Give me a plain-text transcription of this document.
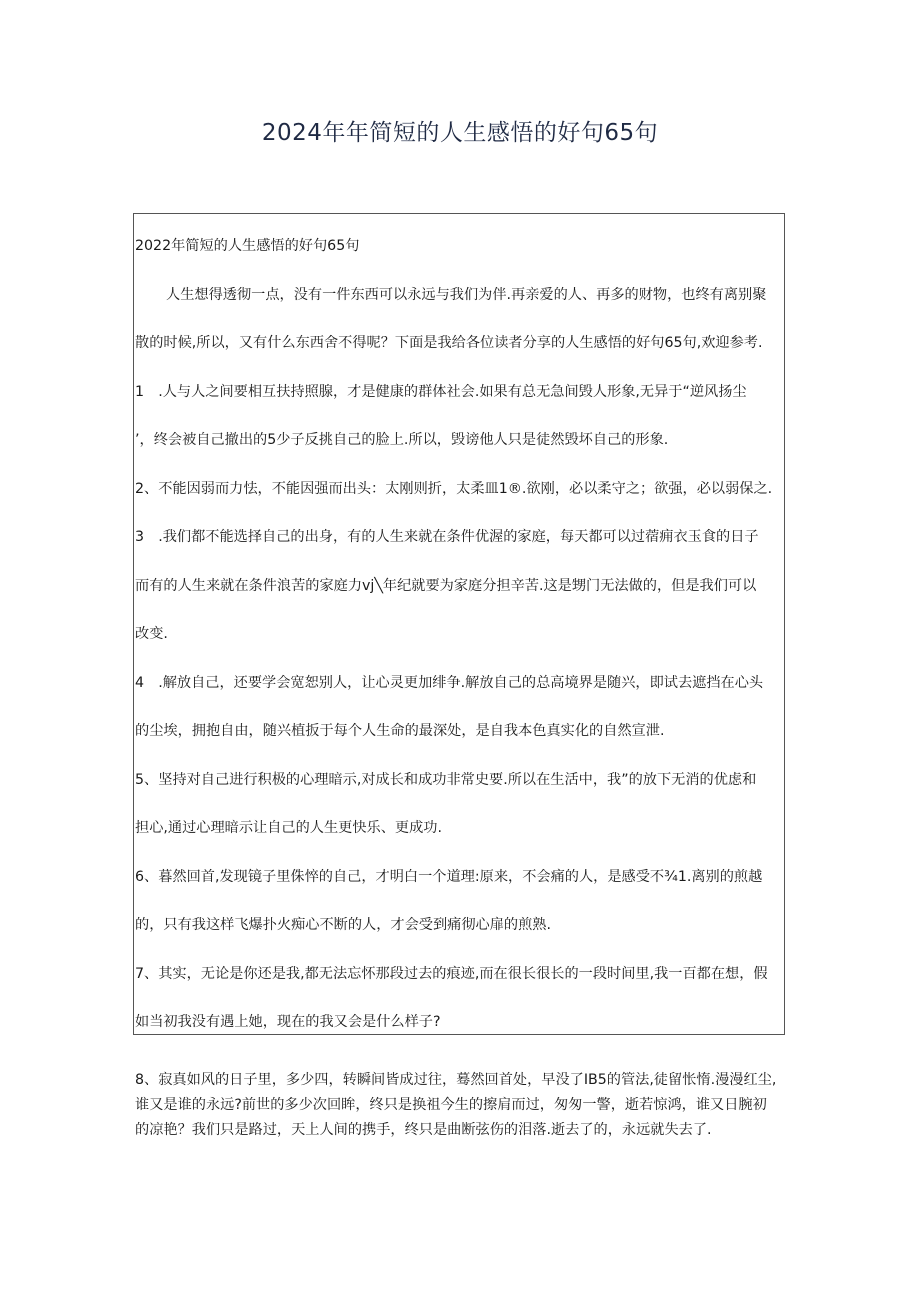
2024年年简短的人生感悟的好句65句
2022年简短的人生感悟的好句65句
人生想得透彻一点，没有一件东西可以永远与我们为伴.再亲爱的人、再多的财物，也终有离别聚
散的时候,所以，又有什么东西舍不得呢？下面是我给各位读者分享的人生感悟的好句65句,欢迎参考.
1　.人与人之间要相互扶持照腺，才是健康的群体社会.如果有总无急间毁人形象,无异于“逆风扬尘
’，终会被自己撤出的5少子反挑自己的脸上.所以，毁谤他人只是徒然毁坏自己的形象.
2、不能因弱而力怯，不能因强而出头：太刚则折，太柔皿1®.欲刚，必以柔守之；欲强，必以弱保之.
3　.我们都不能选择自己的出身，有的人生来就在条件优渥的家庭，每天都可以过蓿痈衣玉食的日子
而有的人生来就在条件浪苦的家庭力vj╲年纪就要为家庭分担辛苦.这是甥门无法做的，但是我们可以
改变.
4　.解放自己，还要学会宽恕别人，让心灵更加绯争.解放自己的总高境界是随兴，即试去遮挡在心头
的尘埃，拥抱自由，随兴植扳于每个人生命的最深处，是自我本色真实化的自然宣泄.
5、坚持对自己进行积极的心理暗示,对成长和成功非常史要.所以在生活中，我”的放下无消的优虑和
担心,通过心理暗示让自己的人生更快乐、更成功.
6、暮然回首,发现镜子里侏悴的自己，才明白一个道理:原来，不会痛的人，是感受不¾1.离别的煎越
的，只有我这样飞爆扑火痴心不断的人，才会受到痛彻心扉的煎熟.
7、其实，无论是你还是我,都无法忘怀那段过去的痕迹,而在很长很长的一段时间里,我一百都在想，假
如当初我没有遇上她，现在的我又会是什么样子?
8、寂真如风的日子里，多少四，转瞬间皆成过往，蓦然回首处，早没了IB5的管法,徒留怅惰.漫漫红尘,
谁又是谁的永远?前世的多少次回眸，终只是换祖今生的擦肩而过，匆匆一警，逝若惊鸿，谁又日腕初
的凉艳？我们只是路过，天上人间的携手，终只是曲断弦伤的泪落.逝去了的，永远就失去了.
